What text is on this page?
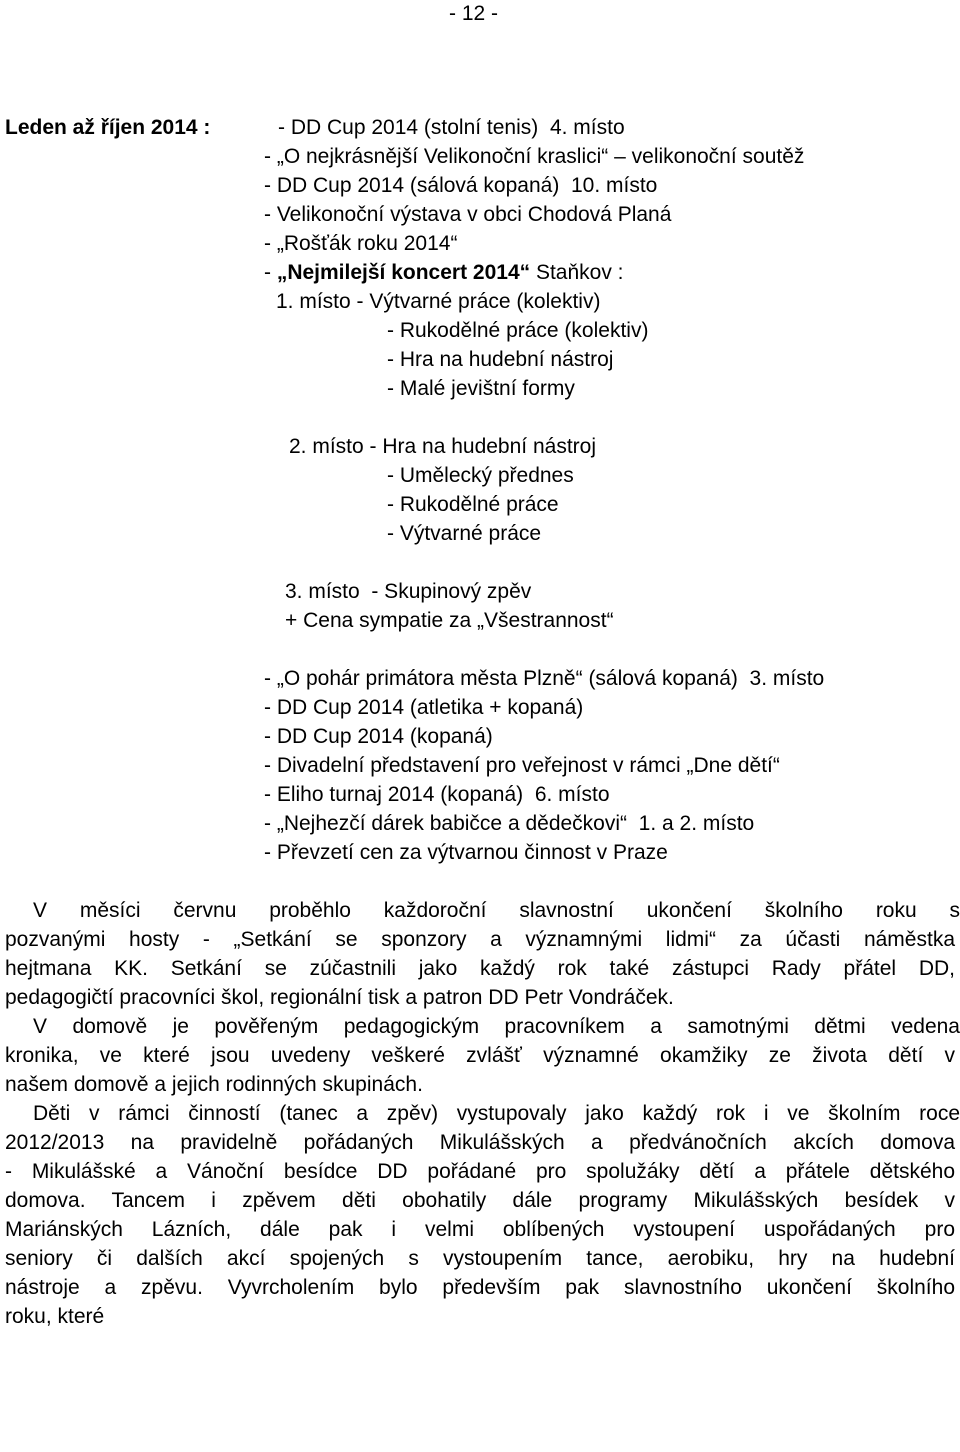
- 12 -
Leden až říjen 2014 :	- DD Cup 2014 (stolní tenis)  4. místo
- „O nejkrásnější Velikonoční kraslici“ – velikonoční soutěž
- DD Cup 2014 (sálová kopaná)  10. místo
- Velikonoční výstava v obci Chodová Planá
- „Rošťák roku 2014“
- „Nejmilejší koncert 2014“ Staňkov :
1. místo - Výtvarné práce (kolektiv)
- Rukodělné práce (kolektiv)
- Hra na hudební nástroj
- Malé jevištní formy
2. místo - Hra na hudební nástroj
- Umělecký přednes
- Rukodělné práce
- Výtvarné práce
3. místo  - Skupinový zpěv
+ Cena sympatie za „Všestrannost“
- „O pohár primátora města Plzně“ (sálová kopaná)  3. místo
- DD Cup 2014 (atletika + kopaná)
- DD Cup 2014 (kopaná)
- Divadelní představení pro veřejnost v rámci „Dne dětí“
- Eliho turnaj 2014 (kopaná)  6. místo
- „Nejhezčí dárek babičce a dědečkovi“  1. a 2. místo
- Převzetí cen za výtvarnou činnost v Praze
V měsíci červnu proběhlo každoroční slavnostní ukončení školního roku s
pozvanými hosty - „Setkání se sponzory a významnými lidmi“ za účasti náměstka
hejtmana KK. Setkání se zúčastnili jako každý rok také zástupci Rady přátel DD,
pedagogičtí pracovníci škol, regionální tisk a patron DD Petr Vondráček.
V domově je pověřeným pedagogickým pracovníkem a samotnými dětmi vedena
kronika, ve které jsou uvedeny veškeré zvlášť významné okamžiky ze života dětí v
našem domově a jejich rodinných skupinách.
Děti v rámci činností (tanec a zpěv) vystupovaly jako každý rok i ve školním roce
2012/2013 na pravidelně pořádaných Mikulášských a předvánočních akcích domova
- Mikulášské a Vánoční besídce DD pořádané pro spolužáky dětí a přátele dětského
domova. Tancem i zpěvem děti obohatily dále programy Mikulášských besídek v
Mariánských Lázních, dále pak i velmi oblíbených vystoupení uspořádaných pro
seniory či dalších akcí spojených s vystoupením tance, aerobiku, hry na hudební
nástroje a zpěvu. Vyvrcholením bylo především pak slavnostního ukončení školního
roku, které
